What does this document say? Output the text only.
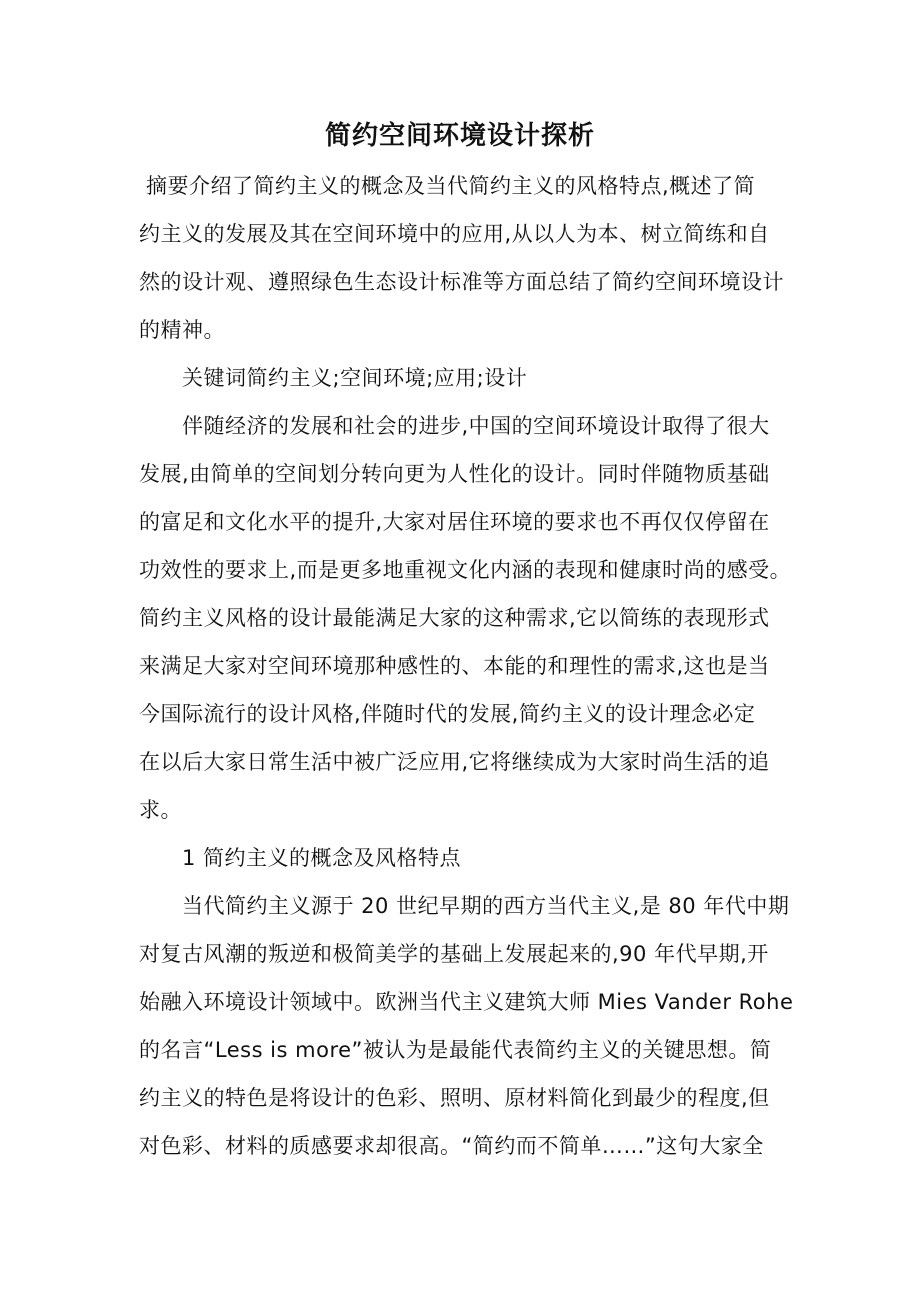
简约空间环境设计探析
摘要介绍了简约主义的概念及当代简约主义的风格特点,概述了简
约主义的发展及其在空间环境中的应用,从以人为本、树立简练和自
然的设计观、遵照绿色生态设计标准等方面总结了简约空间环境设计
的精神。
关键词简约主义;空间环境;应用;设计
伴随经济的发展和社会的进步,中国的空间环境设计取得了很大
发展,由简单的空间划分转向更为人性化的设计。同时伴随物质基础
的富足和文化水平的提升,大家对居住环境的要求也不再仅仅停留在
功效性的要求上,而是更多地重视文化内涵的表现和健康时尚的感受。
简约主义风格的设计最能满足大家的这种需求,它以简练的表现形式
来满足大家对空间环境那种感性的、本能的和理性的需求,这也是当
今国际流行的设计风格,伴随时代的发展,简约主义的设计理念必定
在以后大家日常生活中被广泛应用,它将继续成为大家时尚生活的追
求。
1 简约主义的概念及风格特点
当代简约主义源于 20 世纪早期的西方当代主义,是 80 年代中期
对复古风潮的叛逆和极简美学的基础上发展起来的,90 年代早期,开
始融入环境设计领域中。欧洲当代主义建筑大师 Mies Vander Rohe
的名言“Less is more”被认为是最能代表简约主义的关键思想。简
约主义的特色是将设计的色彩、照明、原材料简化到最少的程度,但
对色彩、材料的质感要求却很高。“简约而不简单……”这句大家全
